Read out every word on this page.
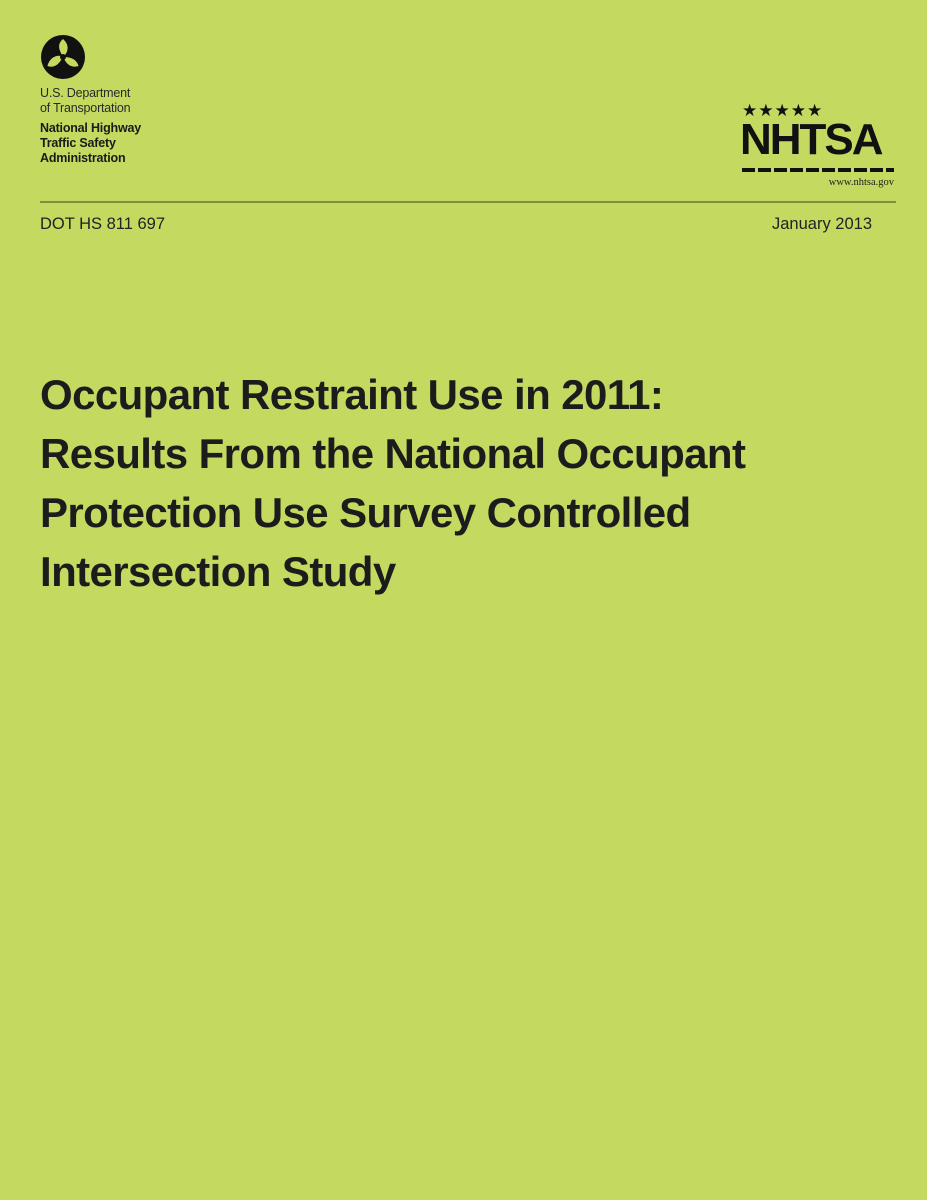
U.S. Department
of Transportation
National Highway
Traffic Safety
Administration
★★★★★
NHTSA
www.nhtsa.gov
DOT HS 811 697	January 2013
Occupant Restraint Use in 2011:
Results From the National Occupant
Protection Use Survey Controlled
Intersection Study
